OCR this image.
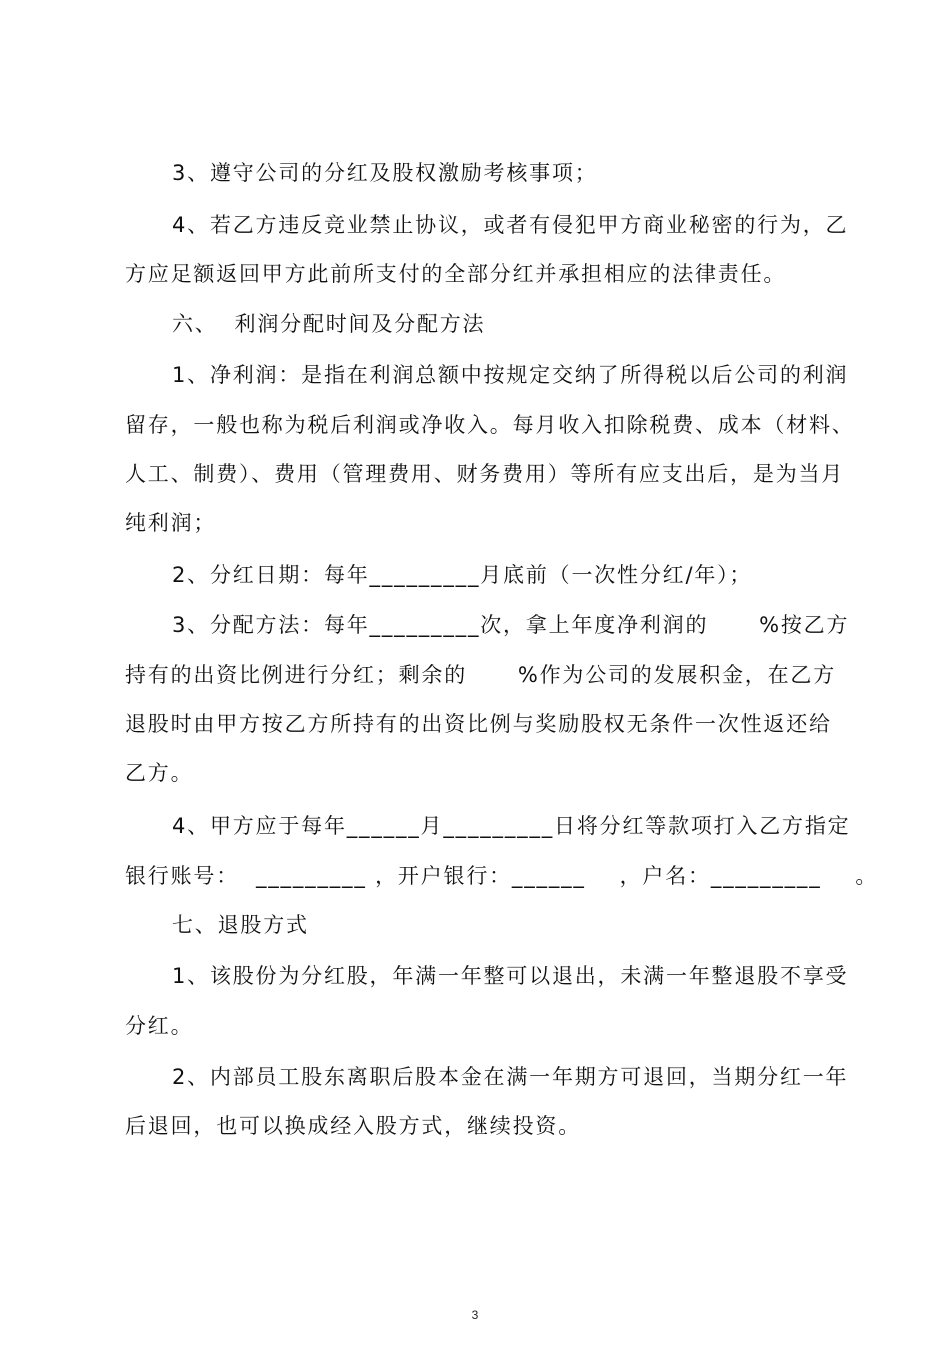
3、遵守公司的分红及股权激励考核事项；
4、若乙方违反竞业禁止协议，或者有侵犯甲方商业秘密的行为，乙
方应足额返回甲方此前所支付的全部分红并承担相应的法律责任。
六、  利润分配时间及分配方法
1、净利润：是指在利润总额中按规定交纳了所得税以后公司的利润
留存，一般也称为税后利润或净收入。每月收入扣除税费、成本（材料、
人工、制费）、费用（管理费用、财务费用）等所有应支出后，是为当月
纯利润；
2、分红日期：每年_________月底前（一次性分红/年）；
3、分配方法：每年_________次，拿上年度净利润的      %按乙方
持有的出资比例进行分红；剩余的      %作为公司的发展积金，在乙方
退股时由甲方按乙方所持有的出资比例与奖励股权无条件一次性返还给
乙方。
4、甲方应于每年______月_________日将分红等款项打入乙方指定
银行账号：  _________ ，开户银行：______    ，户名：_________    。
七、退股方式
1、该股份为分红股，年满一年整可以退出，未满一年整退股不享受
分红。
2、内部员工股东离职后股本金在满一年期方可退回，当期分红一年
后退回，也可以换成经入股方式，继续投资。
3
